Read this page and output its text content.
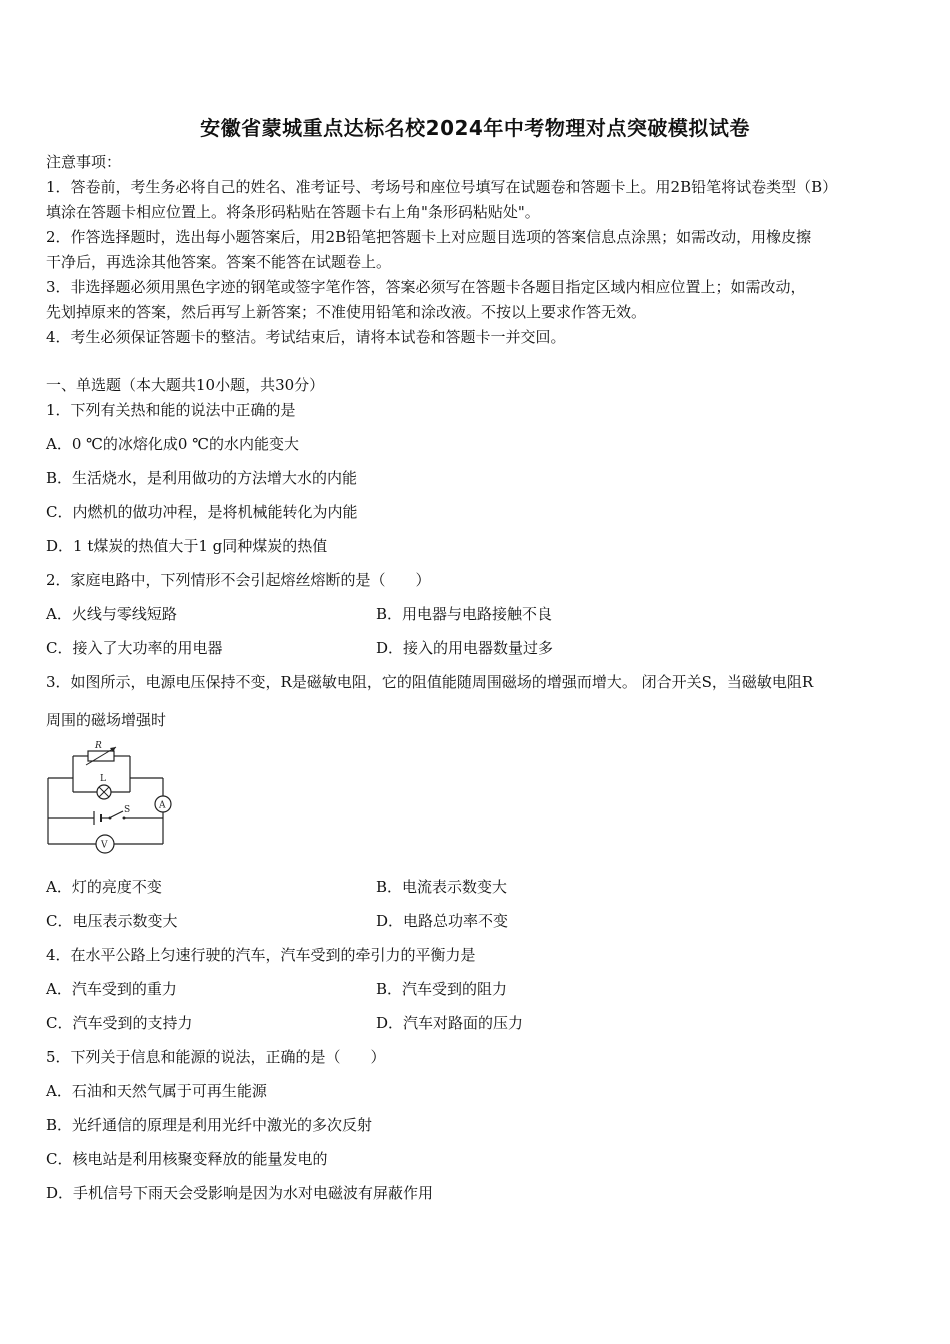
安徽省蒙城重点达标名校2024年中考物理对点突破模拟试卷
注意事项：
1．答卷前，考生务必将自己的姓名、准考证号、考场号和座位号填写在试题卷和答题卡上。用2B铅笔将试卷类型（B）
填涂在答题卡相应位置上。将条形码粘贴在答题卡右上角"条形码粘贴处"。
2．作答选择题时，选出每小题答案后，用2B铅笔把答题卡上对应题目选项的答案信息点涂黑；如需改动，用橡皮擦
干净后，再选涂其他答案。答案不能答在试题卷上。
3．非选择题必须用黑色字迹的钢笔或签字笔作答，答案必须写在答题卡各题目指定区域内相应位置上；如需改动，
先划掉原来的答案，然后再写上新答案；不准使用铅笔和涂改液。不按以上要求作答无效。
4．考生必须保证答题卡的整洁。考试结束后，请将本试卷和答题卡一并交回。
一、单选题（本大题共10小题，共30分）
1．下列有关热和能的说法中正确的是
A．0 ℃的冰熔化成0 ℃的水内能变大
B．生活烧水，是利用做功的方法增大水的内能
C．内燃机的做功冲程，是将机械能转化为内能
D．1 t煤炭的热值大于1 g同种煤炭的热值
2．家庭电路中，下列情形不会引起熔丝熔断的是（　　）
A．火线与零线短路	B．用电器与电路接触不良
C．接入了大功率的用电器	D．接入的用电器数量过多
3．如图所示，电源电压保持不变，R是磁敏电阻，它的阻值能随周围磁场的增强而增大。 闭合开关S，当磁敏电阻R
周围的磁场增强时
R
L
S	A
V
A．灯的亮度不变	B．电流表示数变大
C．电压表示数变大	D．电路总功率不变
4．在水平公路上匀速行驶的汽车，汽车受到的牵引力的平衡力是
A．汽车受到的重力	B．汽车受到的阻力
C．汽车受到的支持力	D．汽车对路面的压力
5．下列关于信息和能源的说法，正确的是（　　）
A．石油和天然气属于可再生能源
B．光纤通信的原理是利用光纤中激光的多次反射
C．核电站是利用核聚变释放的能量发电的
D．手机信号下雨天会受影响是因为水对电磁波有屏蔽作用
